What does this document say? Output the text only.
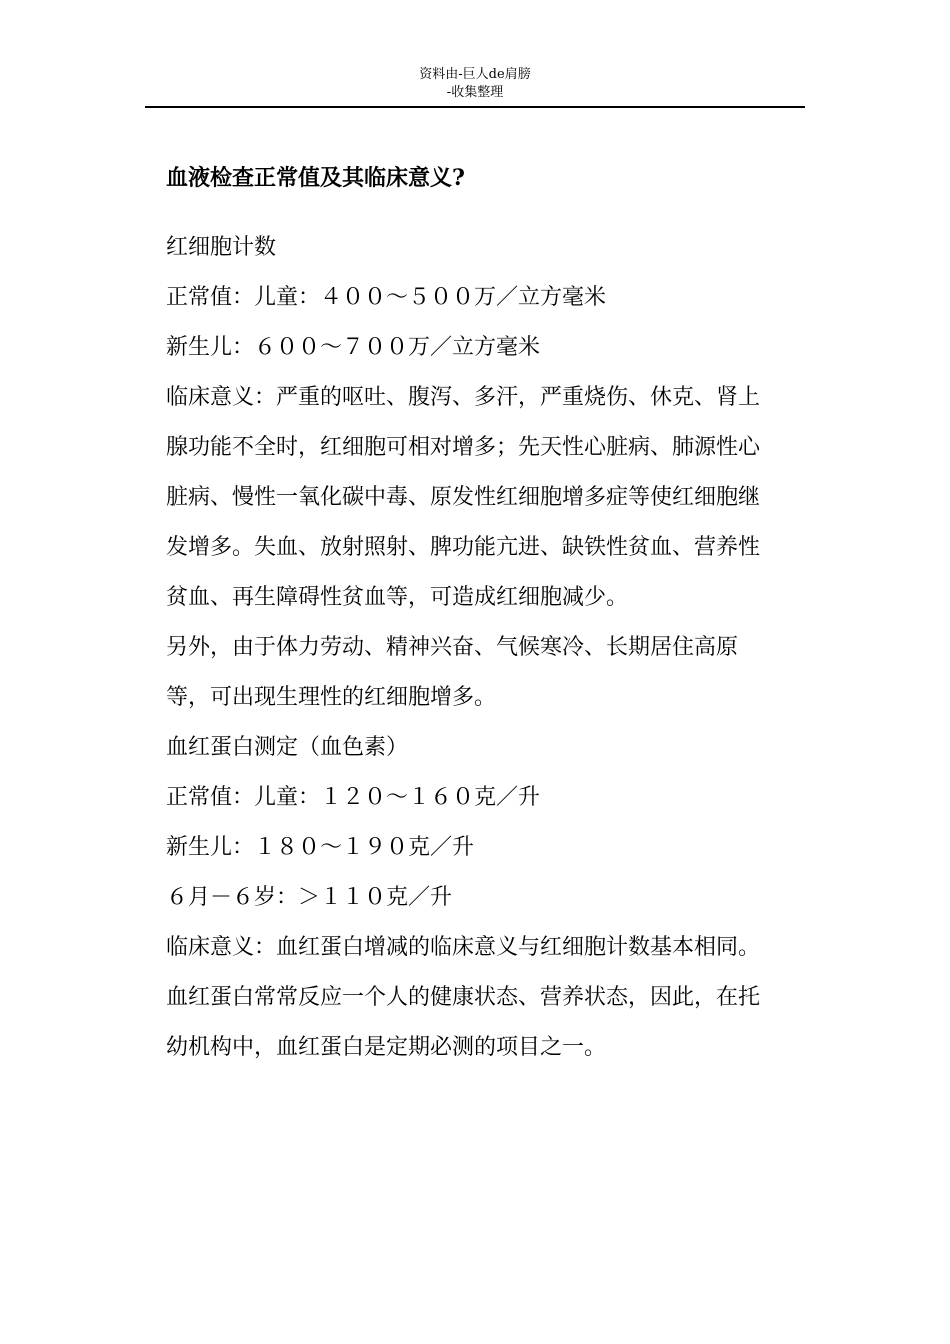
资料由-巨人de肩膀
-收集整理
血液检查正常值及其临床意义?

红细胞计数

正常值：儿童：４００～５００万／立方毫米

新生儿：６００～７００万／立方毫米

临床意义：严重的呕吐、腹泻、多汗，严重烧伤、休克、肾上腺功能不全时，红细胞可相对增多；先天性心脏病、肺源性心脏病、慢性一氧化碳中毒、原发性红细胞增多症等使红细胞继发增多。失血、放射照射、脾功能亢进、缺铁性贫血、营养性贫血、再生障碍性贫血等，可造成红细胞减少。

另外，由于体力劳动、精神兴奋、气候寒冷、长期居住高原等，可出现生理性的红细胞增多。

血红蛋白测定（血色素）

正常值：儿童：１２０～１６０克／升

新生儿：１８０～１９０克／升

６月－６岁：＞１１０克／升

临床意义：血红蛋白增减的临床意义与红细胞计数基本相同。血红蛋白常常反应一个人的健康状态、营养状态，因此，在托幼机构中，血红蛋白是定期必测的项目之一。
